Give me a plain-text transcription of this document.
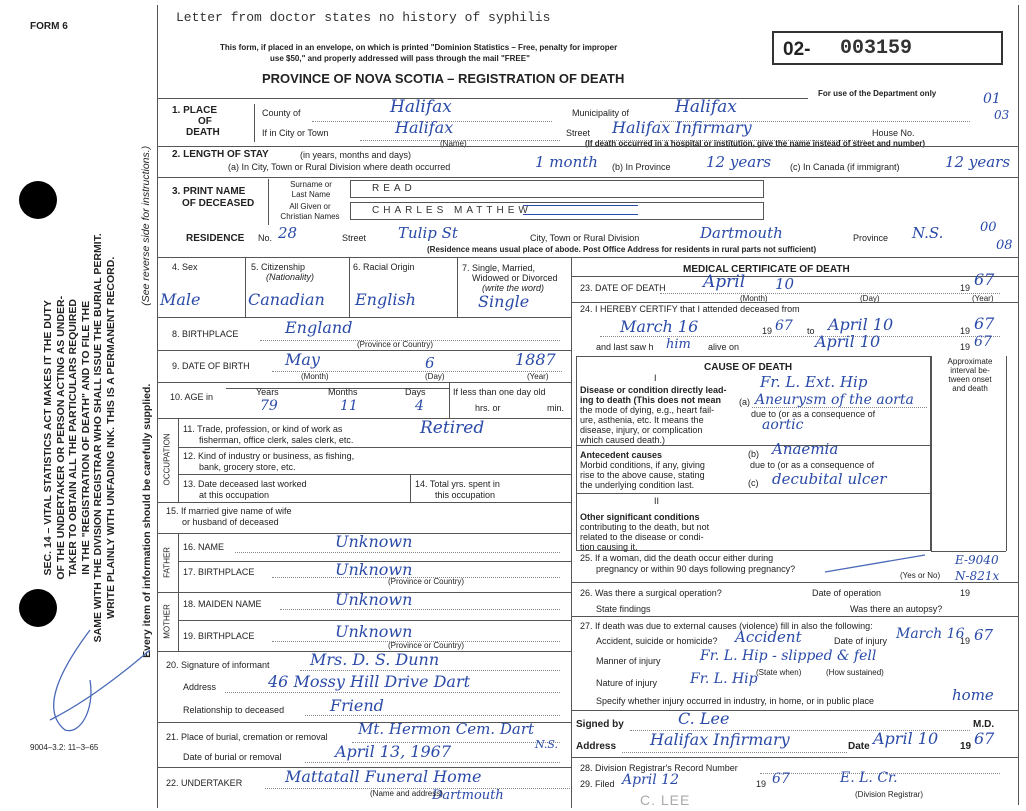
FORM 6
Letter from doctor states no history of syphilis
This form, if placed in an envelope, on which is printed "Dominion Statistics – Free, penalty for improper
use $50," and properly addressed will pass through the mail "FREE"
PROVINCE OF NOVA SCOTIA – REGISTRATION OF DEATH
02- 003159
For use of the Department only	01
03
SEC. 14 – VITAL STATISTICS ACT MAKES IT THE DUTY OF THE UNDERTAKER OR PERSON ACTING AS UNDER- TAKER TO OBTAIN ALL THE PARTICULARS REQUIRED IN THE "REGISTRATION OF DEATH" AND TO FILE THE SAME WITH THE DIVISION REGISTRAR WHO SHALL ISSUE THE BURIAL PERMIT. WRITE PLAINLY WITH UNFADING INK. THIS IS A PERMANENT RECORD. Every item of information should be carefully supplied.
(See reverse side for instructions.)
9004–3.2: 11–3–65
1. PLACE
OF
DEATH
County of	Halifax	Municipality of	Halifax
If in City or Town	Halifax
(Name)
Street Halifax Infirmary	House No.
(If death occurred in a hospital or institution, give the name instead of street and number)
2. LENGTH OF STAY	(in years, months and days)
(a) In City, Town or Rural Division where death occurred	1 month (b) In Province 12 years (c) In Canada (if immigrant)	12 years
3. PRINT NAME
OF DECEASED
Surname or
Last Name
READ
All Given or
Christian Names
CHARLES MATTHEW
RESIDENCE No. 28	Street Tulip St	City, Town or Rural Division	Dartmouth	Province N.S.	00
08
(Residence means usual place of abode. Post Office Address for residents in rural parts not sufficient)
OCCUPATION
FATHER
MOTHER
4. Sex
Male
5. Citizenship
(Nationality)
Canadian
6. Racial Origin
English
7. Single, Married,
Widowed or Divorced
(write the word)
Single
8. BIRTHPLACE	England
(Province or Country)
9. DATE OF BIRTH May	6	1887
(Month)	(Day)	(Year)
10. AGE in	Years	Months	Days
79	11	4
If less than one day old
hrs. or	min.
11. Trade, profession, or kind of work as
fisherman, office clerk, sales clerk, etc.
Retired
12. Kind of industry or business, as fishing,
bank, grocery store, etc.
13. Date deceased last worked
at this occupation
14. Total yrs. spent in
this occupation
15. If married give name of wife
or husband of deceased
16. NAME	Unknown
17. BIRTHPLACE	Unknown
(Province or Country)
18. MAIDEN NAME	Unknown
19. BIRTHPLACE	Unknown
(Province or Country)
20. Signature of informant	Mrs. D. S. Dunn
Address	46 Mossy Hill Drive Dart
Relationship to deceased	Friend
21. Place of burial, cremation or removal Mt. Hermon Cem. Dart
N.S.
Date of burial or removal	April 13, 1967
22. UNDERTAKER	Mattatall Funeral Home
Dartmouth
(Name and address)
MEDICAL CERTIFICATE OF DEATH
23. DATE OF DEATH April 10	19 67
(Month)	(Day)	(Year)
24. I HEREBY CERTIFY that I attended deceased from
March 16	19 67 to April 10	19 67
and last saw h him alive on	April 10	19 67
CAUSE OF DEATH
Approximate
interval be-
tween onset
and death
I
Disease or condition directly lead-
ing to death (This does not mean
the mode of dying, e.g., heart fail-
ure, asthenia, etc. It means the
disease, injury, or complication
which caused death.)
(a)
Fr. L. Ext. Hip
Aneurysm of the aorta
due to (or as a consequence of
aortic
Antecedent causes
Morbid conditions, if any, giving
rise to the above cause, stating
the underlying condition last.
(b) Anaemia
due to (or as a consequence of
(c) decubital ulcer
II
Other significant conditions
contributing to the death, but not
related to the disease or condi-
tion causing it.
25. If a woman, did the death occur either during
pregnancy or within 90 days following pregnancy?
(Yes or No)
E-9040
N-821x
26. Was there a surgical operation?	Date of operation	19
State findings	Was there an autopsy?
27. If death was due to external causes (violence) fill in also the following:
Accident, suicide or homicide? Accident	Date of injury March 16
19 67
Manner of injury	Fr. L. Hip - slipped & fell
(State when)	(How sustained)
Nature of injury Fr. L. Hip
Specify whether injury occurred in industry, in home, or in public place	home
Signed by	C. Lee	M.D.
Address Halifax Infirmary	Date April 10 19 67
28. Division Registrar's Record Number
29. Filed April 12	19 67	E. L. Cr.
(Division Registrar)
C. LEE
